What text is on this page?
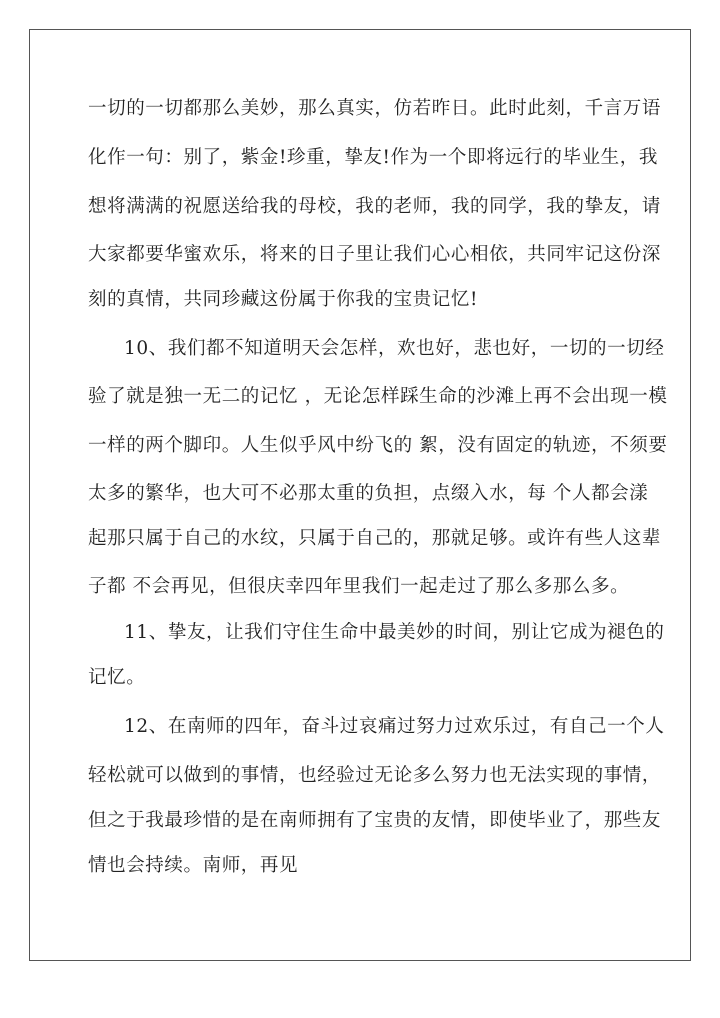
一切的一切都那么美妙，那么真实，仿若昨日。此时此刻，千言万语
化作一句：别了，紫金!珍重，挚友!作为一个即将远行的毕业生，我
想将满满的祝愿送给我的母校，我的老师，我的同学，我的挚友，请
大家都要华蜜欢乐，将来的日子里让我们心心相依，共同牢记这份深
刻的真情，共同珍藏这份属于你我的宝贵记忆!
10、我们都不知道明天会怎样，欢也好，悲也好，一切的一切经
验了就是独一无二的记忆 ，无论怎样踩生命的沙滩上再不会出现一模
一样的两个脚印。人生似乎风中纷飞的 絮，没有固定的轨迹，不须要
太多的繁华，也大可不必那太重的负担，点缀入水，每 个人都会漾
起那只属于自己的水纹，只属于自己的，那就足够。或许有些人这辈
子都 不会再见，但很庆幸四年里我们一起走过了那么多那么多。
11、挚友，让我们守住生命中最美妙的时间，别让它成为褪色的
记忆。
12、在南师的四年，奋斗过哀痛过努力过欢乐过，有自己一个人
轻松就可以做到的事情，也经验过无论多么努力也无法实现的事情，
但之于我最珍惜的是在南师拥有了宝贵的友情，即使毕业了，那些友
情也会持续。南师，再见
